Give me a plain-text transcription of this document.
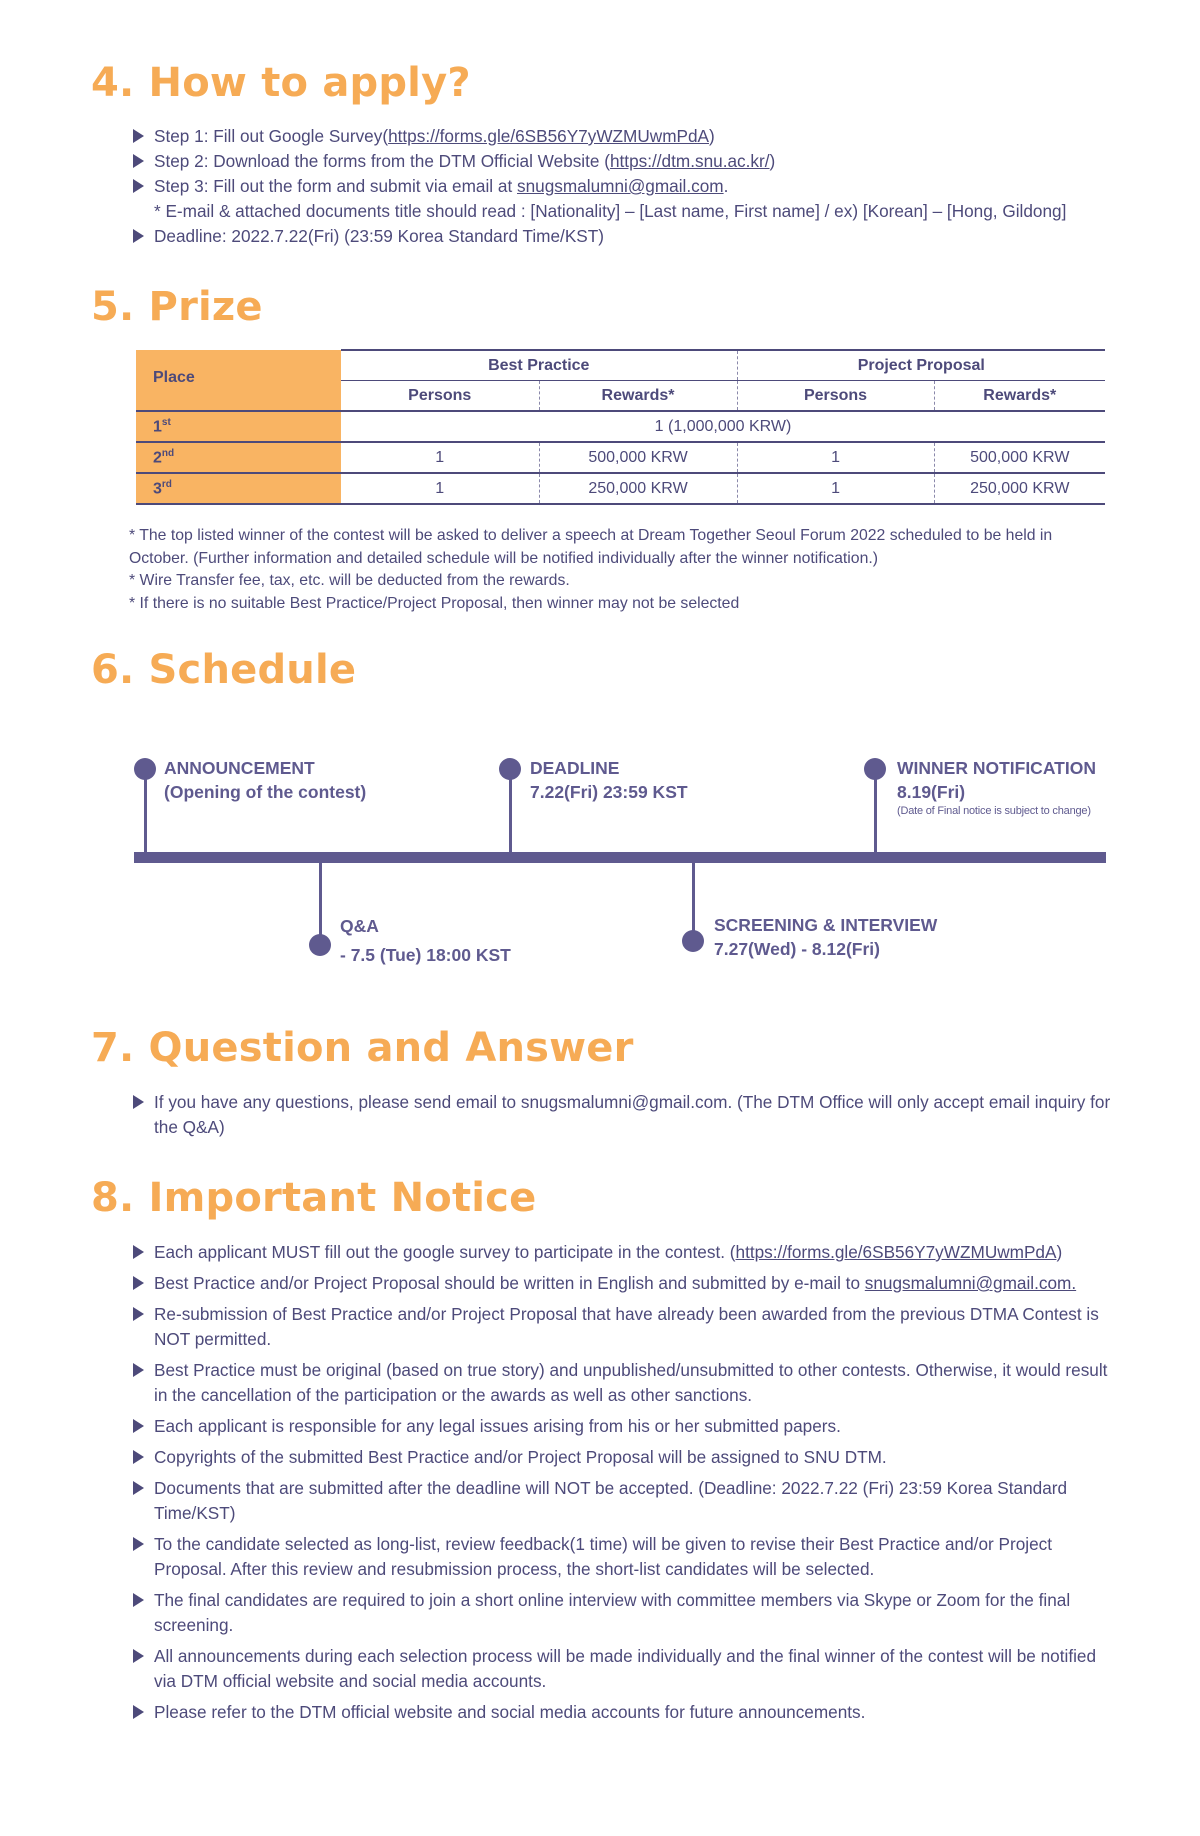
4. How to apply?
Step 1: Fill out Google Survey(https://forms.gle/6SB56Y7yWZMUwmPdA)
Step 2: Download the forms from the DTM Official Website (https://dtm.snu.ac.kr/)
Step 3: Fill out the form and submit via email at snugsmalumni@gmail.com.
* E-mail & attached documents title should read : [Nationality] – [Last name, First name] / ex) [Korean] – [Hong, Gildong]
Deadline: 2022.7.22(Fri) (23:59 Korea Standard Time/KST)
5. Prize
Place	Best Practice		Project Proposal	
	Persons	Rewards*	Persons	Rewards*
1st	1 (1,000,000 KRW)			
2nd	1	500,000 KRW	1	500,000 KRW
3rd	1	250,000 KRW	1	250,000 KRW
* The top listed winner of the contest will be asked to deliver a speech at Dream Together Seoul Forum 2022 scheduled to be held in October. (Further information and detailed schedule will be notified individually after the winner notification.)
* Wire Transfer fee, tax, etc. will be deducted from the rewards.
* If there is no suitable Best Practice/Project Proposal, then winner may not be selected
6. Schedule
ANNOUNCEMENT
(Opening of the contest)
DEADLINE
7.22(Fri) 23:59 KST
WINNER NOTIFICATION
8.19(Fri)
(Date of Final notice is subject to change)
Q&A
- 7.5 (Tue) 18:00 KST
SCREENING & INTERVIEW
7.27(Wed) - 8.12(Fri)
7. Question and Answer
If you have any questions, please send email to snugsmalumni@gmail.com. (The DTM Office will only accept email inquiry for the Q&A)
8. Important Notice
Each applicant MUST fill out the google survey to participate in the contest. (https://forms.gle/6SB56Y7yWZMUwmPdA)
Best Practice and/or Project Proposal should be written in English and submitted by e-mail to snugsmalumni@gmail.com.
Re-submission of Best Practice and/or Project Proposal that have already been awarded from the previous DTMA Contest is NOT permitted.
Best Practice must be original (based on true story) and unpublished/unsubmitted to other contests. Otherwise, it would result in the cancellation of the participation or the awards as well as other sanctions.
Each applicant is responsible for any legal issues arising from his or her submitted papers.
Copyrights of the submitted Best Practice and/or Project Proposal will be assigned to SNU DTM.
Documents that are submitted after the deadline will NOT be accepted. (Deadline: 2022.7.22 (Fri) 23:59 Korea Standard Time/KST)
To the candidate selected as long-list, review feedback(1 time) will be given to revise their Best Practice and/or Project Proposal. After this review and resubmission process, the short-list candidates will be selected.
The final candidates are required to join a short online interview with committee members via Skype or Zoom for the final screening.
All announcements during each selection process will be made individually and the final winner of the contest will be notified via DTM official website and social media accounts.
Please refer to the DTM official website and social media accounts for future announcements.
